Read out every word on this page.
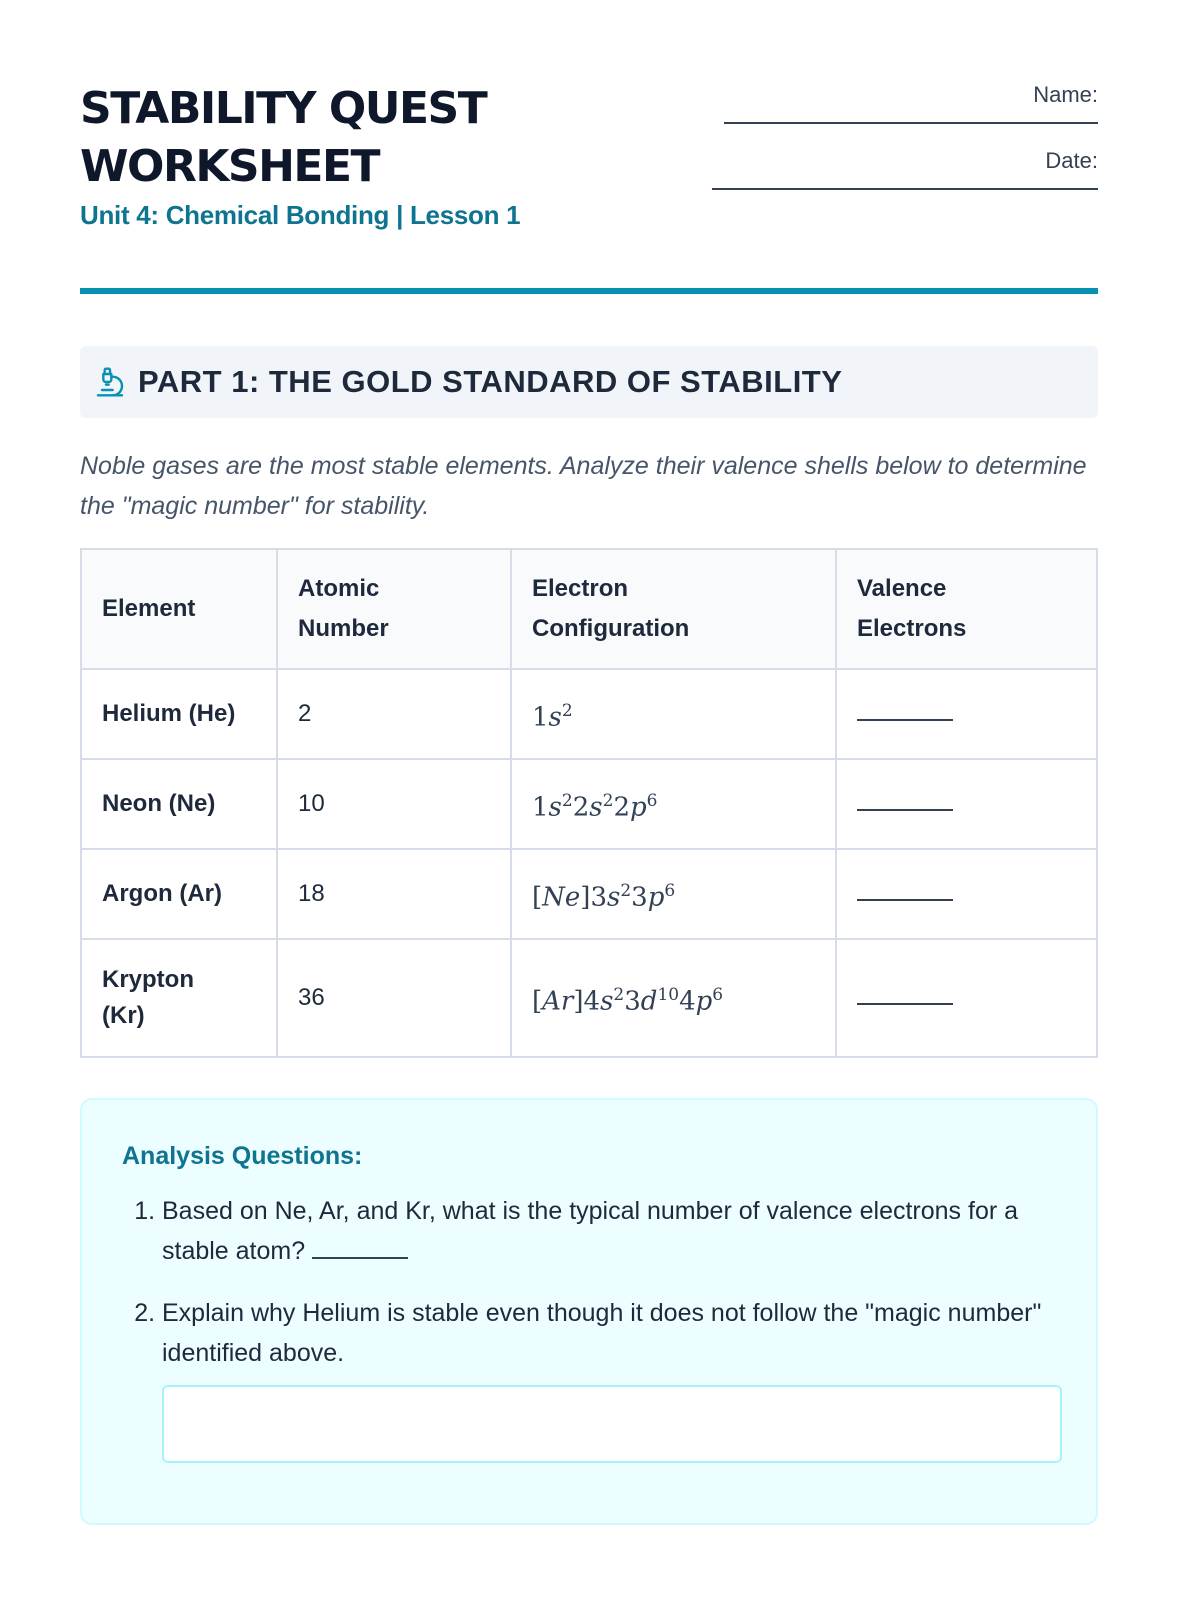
STABILITY QUEST
WORKSHEET
Unit 4: Chemical Bonding | Lesson 1
Name:
Date:
PART 1: THE GOLD STANDARD OF STABILITY

Noble gases are the most stable elements. Analyze their valence shells below to determine the "magic number" for stability.

Element	Atomic Number	Electron Configuration	Valence Electrons
Helium (He)	2	$1s^2$	
Neon (Ne)	10	$1s^22s^22p^6$	
Argon (Ar)	18	$[Ne]3s^23p^6$	
Krypton (Kr)	36	$[Ar]4s^23d^{10}4p^6$	
Analysis Questions:
1. Based on Ne, Ar, and Kr, what is the typical number of valence electrons for a stable atom?
2. Explain why Helium is stable even though it does not follow the "magic number" identified above.
